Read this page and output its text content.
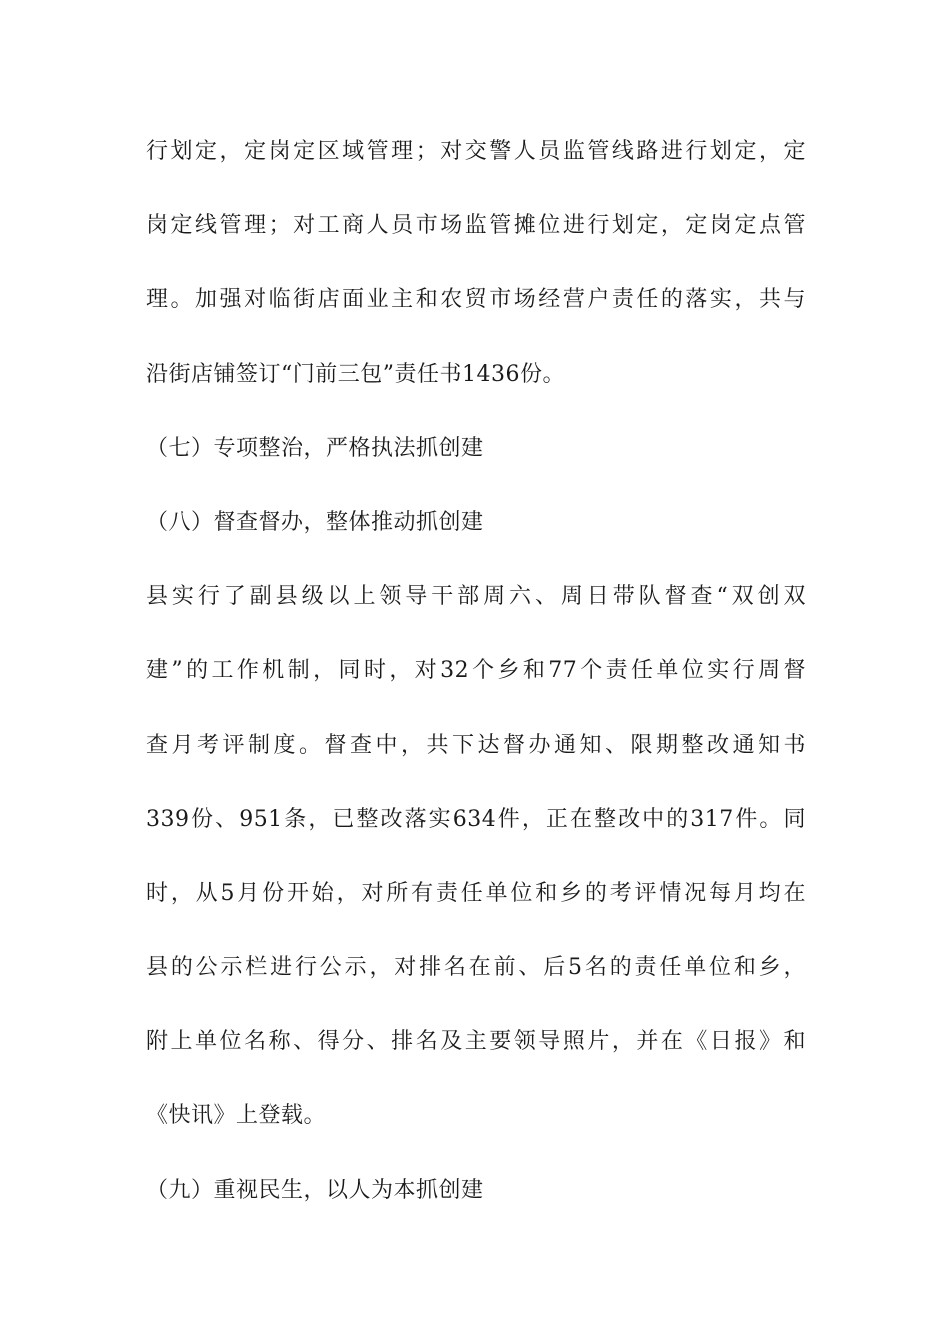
行划定，定岗定区域管理；对交警人员监管线路进行划定，定
岗定线管理；对工商人员市场监管摊位进行划定，定岗定点管
理。加强对临街店面业主和农贸市场经营户责任的落实，共与
沿街店铺签订“门前三包”责任书1436份。
（七）专项整治，严格执法抓创建
（八）督查督办，整体推动抓创建
县实行了副县级以上领导干部周六、周日带队督查“双创双
建”的工作机制，同时，对32个乡和77个责任单位实行周督
查月考评制度。督查中，共下达督办通知、限期整改通知书
339份、951条，已整改落实634件，正在整改中的317件。同
时，从5月份开始，对所有责任单位和乡的考评情况每月均在
县的公示栏进行公示，对排名在前、后5名的责任单位和乡，
附上单位名称、得分、排名及主要领导照片，并在《日报》和
《快讯》上登载。
（九）重视民生，以人为本抓创建
